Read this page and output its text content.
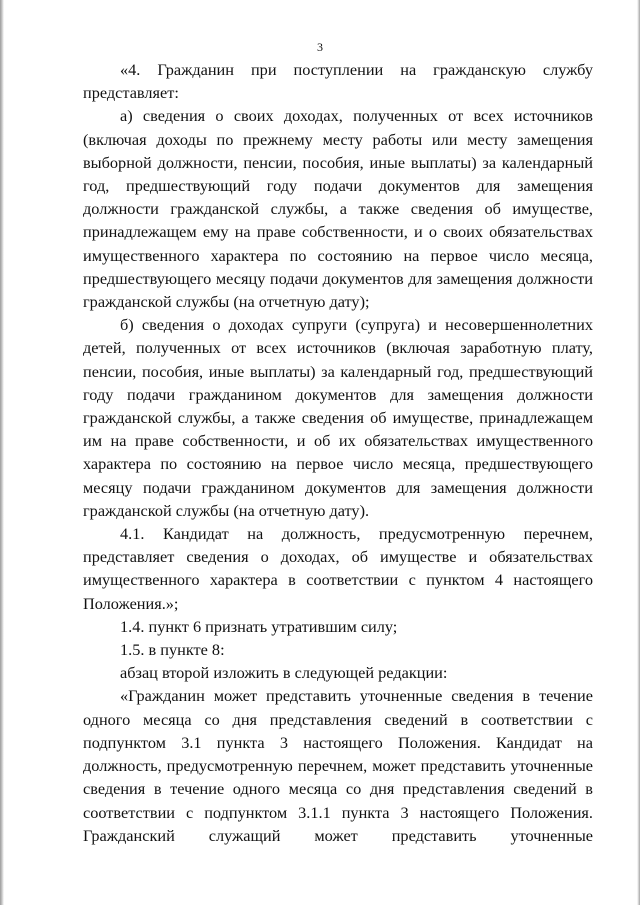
3

«4. Гражданин при поступлении на гражданскую службу представляет:

а) сведения о своих доходах, полученных от всех источников (включая доходы по прежнему месту работы или месту замещения выборной должности, пенсии, пособия, иные выплаты) за календарный год, предшествующий году подачи документов для замещения должности гражданской службы, а также сведения об имуществе, принадлежащем ему на праве собственности, и о своих обязательствах имущественного характера по состоянию на первое число месяца, предшествующего месяцу подачи документов для замещения должности гражданской службы (на отчетную дату);

б) сведения о доходах супруги (супруга) и несовершеннолетних детей, полученных от всех источников (включая заработную плату, пенсии, пособия, иные выплаты) за календарный год, предшествующий году подачи гражданином документов для замещения должности гражданской службы, а также сведения об имуществе, принадлежащем им на праве собственности, и об их обязательствах имущественного характера по состоянию на первое число месяца, предшествующего месяцу подачи гражданином документов для замещения должности гражданской службы (на отчетную дату).

4.1. Кандидат на должность, предусмотренную перечнем, представляет сведения о доходах, об имуществе и обязательствах имущественного характера в соответствии с пунктом 4 настоящего Положения.»;

1.4. пункт 6 признать утратившим силу;

1.5. в пункте 8:

абзац второй изложить в следующей редакции:

«Гражданин может представить уточненные сведения в течение одного месяца со дня представления сведений в соответствии с подпунктом 3.1 пункта 3 настоящего Положения. Кандидат на должность, предусмотренную перечнем, может представить уточненные сведения в течение одного месяца со дня представления сведений в соответствии с подпунктом 3.1.1 пункта 3 настоящего Положения. Гражданский служащий может представить уточненные
